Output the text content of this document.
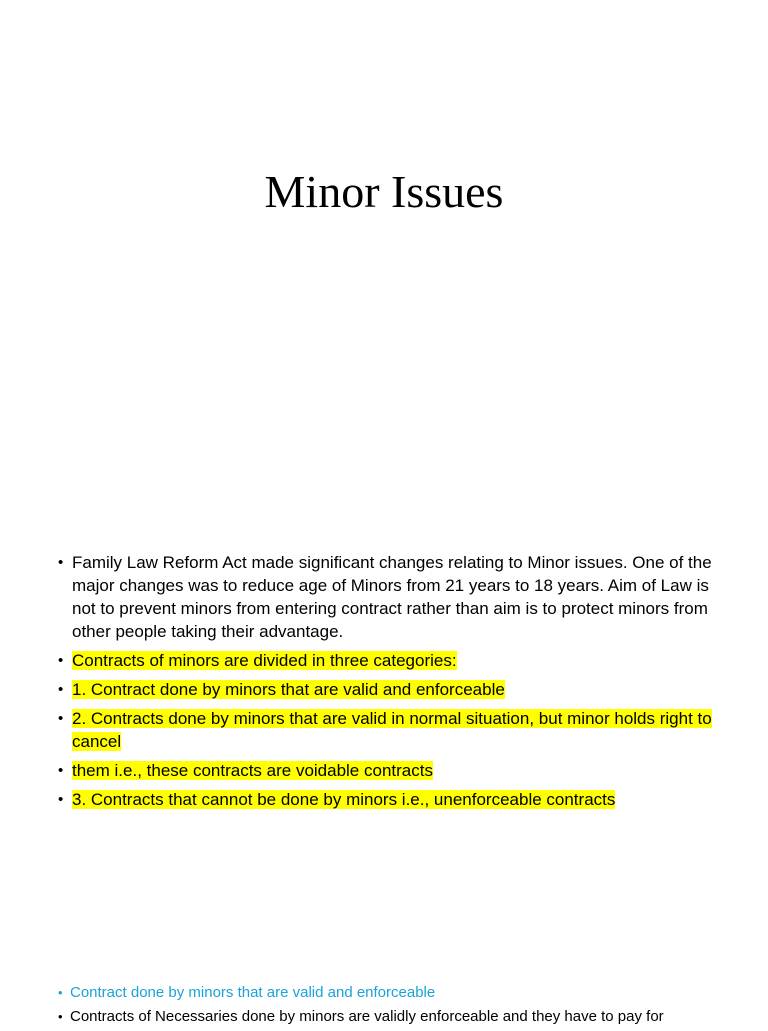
Minor Issues
• Family Law Reform Act made significant changes relating to Minor issues. One of the major changes was to reduce age of Minors from 21 years to 18 years. Aim of Law is not to prevent minors from entering contract rather than aim is to protect minors from other people taking their advantage.
• Contracts of minors are divided in three categories:
• 1. Contract done by minors that are valid and enforceable
• 2. Contracts done by minors that are valid in normal situation, but minor holds right to cancel
• them i.e., these contracts are voidable contracts
• 3. Contracts that cannot be done by minors i.e., unenforceable contracts
• Contract done by minors that are valid and enforceable
• Contracts of Necessaries done by minors are validly enforceable and they have to pay for
